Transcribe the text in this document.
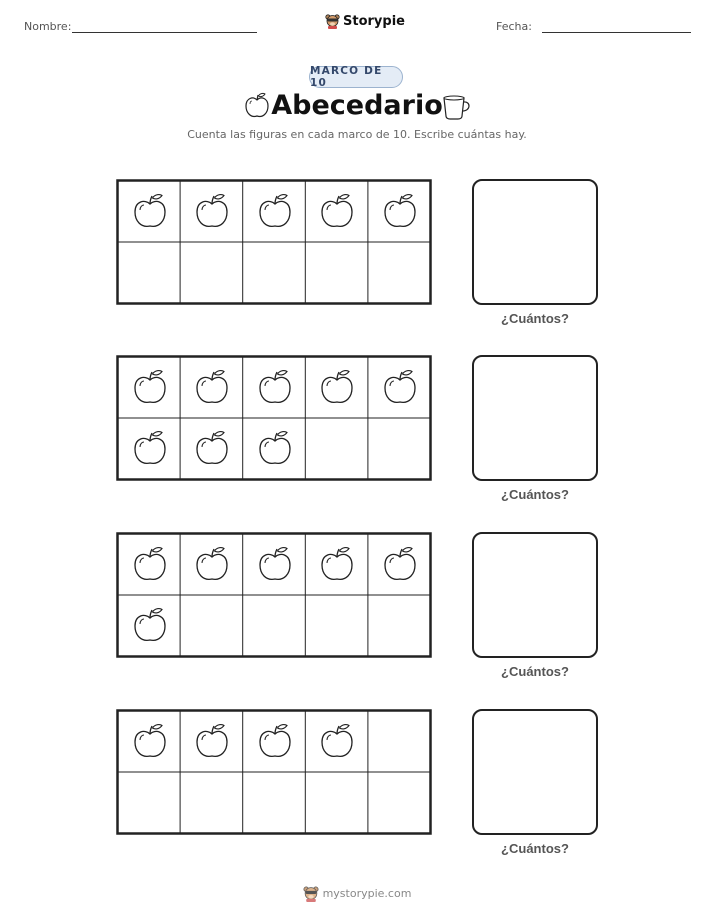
Nombre:	Storypie	Fecha:
MARCO DE 10
Abecedario
Cuenta las figuras en cada marco de 10. Escribe cuántas hay.
¿Cuántos?
¿Cuántos?
¿Cuántos?
¿Cuántos?
mystorypie.com
